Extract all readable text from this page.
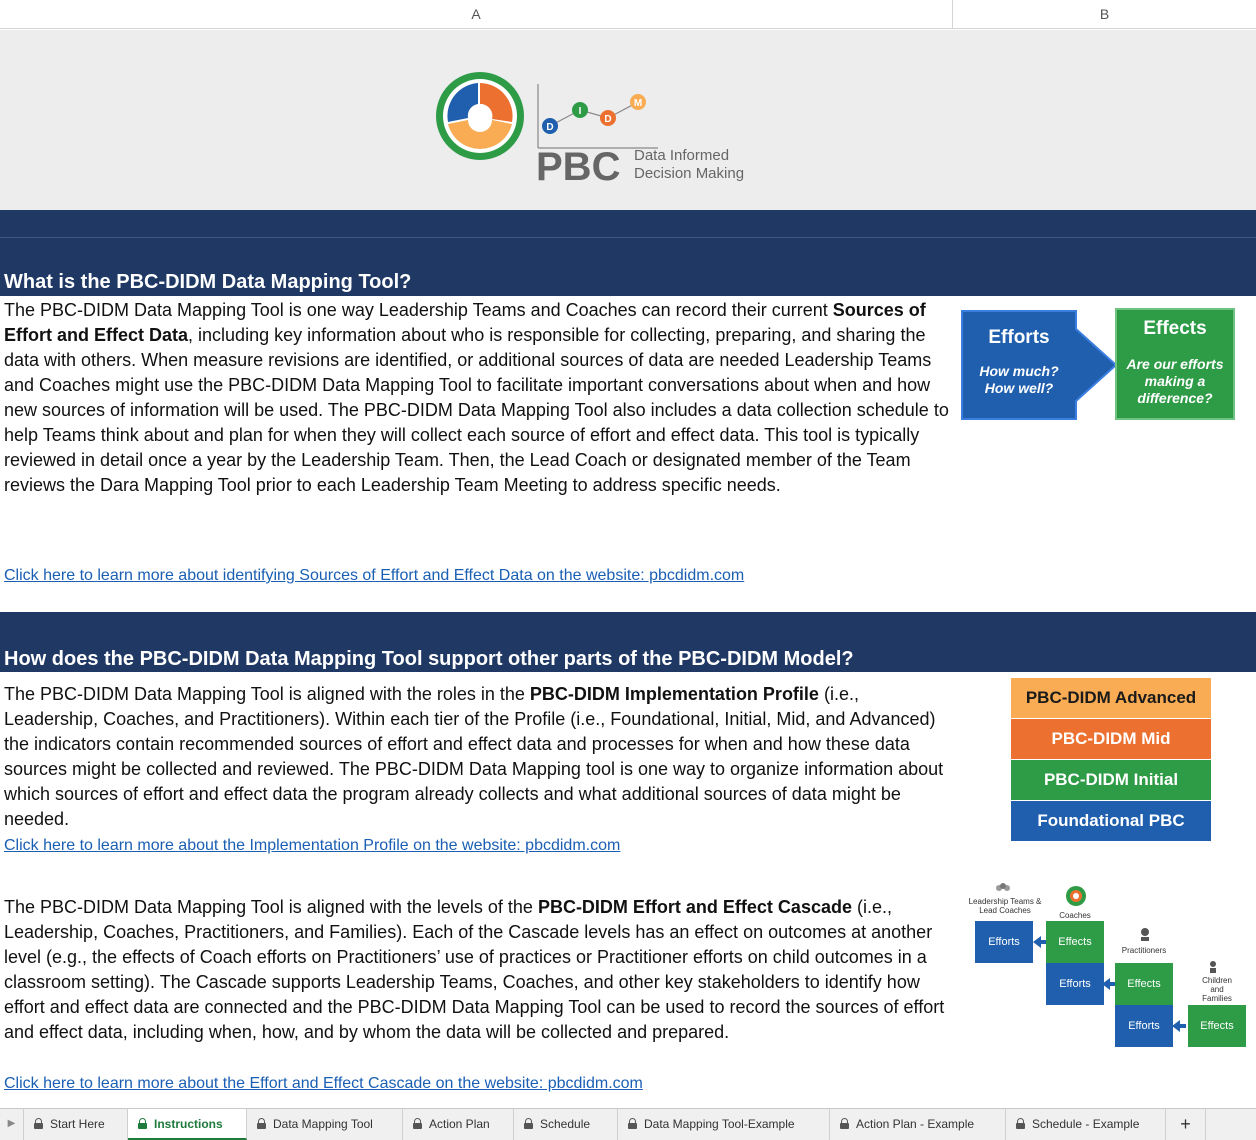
A	B
D
I
D
M
PBC Data Informed
Decision Making
What is the PBC-DIDM Data Mapping Tool?
The PBC-DIDM Data Mapping Tool is one way Leadership Teams and Coaches can record their current Sources of Effort and Effect Data, including key information about who is responsible for collecting, preparing, and sharing the data with others. When measure revisions are identified, or additional sources of data are needed Leadership Teams and Coaches might use the PBC-DIDM Data Mapping Tool to facilitate important conversations about when and how new sources of information will be used. The PBC-DIDM Data Mapping Tool also includes a data collection schedule to help Teams think about and plan for when they will collect each source of effort and effect data. This tool is typically reviewed in detail once a year by the Leadership Team. Then, the Lead Coach or designated member of the Team reviews the Dara Mapping Tool prior to each Leadership Team Meeting to address specific needs.
Click here to learn more about identifying Sources of Effort and Effect Data on the website: pbcdidm.com
Efforts
How much?
How well?
Effects
Are our efforts
making a
difference?
How does the PBC-DIDM Data Mapping Tool support other parts of the PBC-DIDM Model?
The PBC-DIDM Data Mapping Tool is aligned with the roles in the PBC-DIDM Implementation Profile (i.e., Leadership, Coaches, and Practitioners). Within each tier of the Profile (i.e., Foundational, Initial, Mid, and Advanced) the indicators contain recommended sources of effort and effect data and processes for when and how these data sources might be collected and reviewed. The PBC-DIDM Data Mapping tool is one way to organize information about which sources of effort and effect data the program already collects and what additional sources of data might be needed.
Click here to learn more about the Implementation Profile on the website: pbcdidm.com
PBC-DIDM Advanced
PBC-DIDM Mid
PBC-DIDM Initial
Foundational PBC
The PBC-DIDM Data Mapping Tool is aligned with the levels of the PBC-DIDM Effort and Effect Cascade (i.e., Leadership, Coaches, Practitioners, and Families). Each of the Cascade levels has an effect on outcomes at another level (e.g., the effects of Coach efforts on Practitioners’ use of practices or Practitioner efforts on child outcomes in a classroom setting). The Cascade supports Leadership Teams, Coaches, and other key stakeholders to identify how effort and effect data are connected and the PBC-DIDM Data Mapping Tool can be used to record the sources of effort and effect data, including when, how, and by whom the data will be collected and prepared.
Click here to learn more about the Effort and Effect Cascade on the website: pbcdidm.com
Leadership Teams & Lead Coaches
Coaches
Practitioners
Children
and
Families
Efforts	Effects
Efforts	Effects
Efforts	Effects
▶	Start Here	Instructions	Data Mapping Tool	Action Plan	Schedule	Data Mapping Tool-Example	Action Plan - Example	Schedule - Example	+
